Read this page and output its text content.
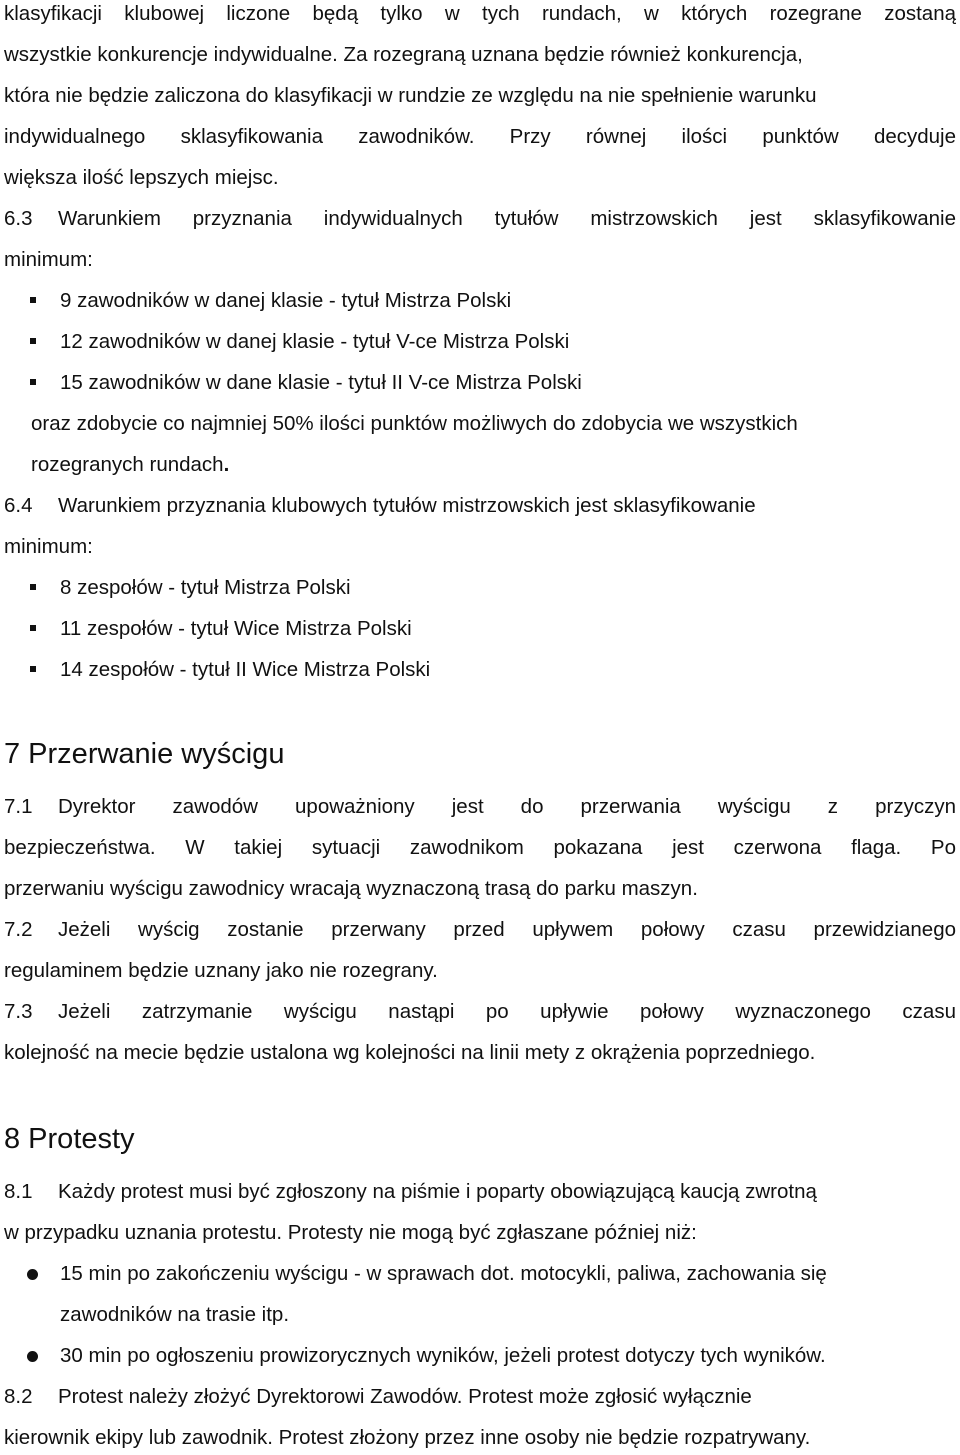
klasyfikacji klubowej liczone będą tylko w tych rundach, w których rozegrane zostaną
wszystkie konkurencje indywidualne. Za rozegraną uznana będzie również konkurencja,
która nie będzie zaliczona do klasyfikacji w rundzie ze względu na nie spełnienie warunku
indywidualnego sklasyfikowania zawodników. Przy równej ilości punktów decyduje
większa ilość lepszych miejsc.
6.3 Warunkiem przyznania indywidualnych tytułów mistrzowskich jest sklasyfikowanie
minimum:
9 zawodników w danej klasie - tytuł Mistrza Polski
12 zawodników w danej klasie - tytuł V-ce Mistrza Polski
15 zawodników w dane klasie - tytuł II V-ce Mistrza Polski
oraz zdobycie co najmniej 50% ilości punktów możliwych do zdobycia we wszystkich
rozegranych rundach.
6.4 Warunkiem przyznania klubowych tytułów mistrzowskich jest sklasyfikowanie
minimum:
8 zespołów - tytuł Mistrza Polski
11 zespołów - tytuł Wice Mistrza Polski
14 zespołów - tytuł II Wice Mistrza Polski
7 Przerwanie wyścigu
7.1 Dyrektor zawodów upoważniony jest do przerwania wyścigu z przyczyn
bezpieczeństwa. W takiej sytuacji zawodnikom pokazana jest czerwona flaga. Po
przerwaniu wyścigu zawodnicy wracają wyznaczoną trasą do parku maszyn.
7.2 Jeżeli wyścig zostanie przerwany przed upływem połowy czasu przewidzianego
regulaminem będzie uznany jako nie rozegrany.
7.3 Jeżeli zatrzymanie wyścigu nastąpi po upływie połowy wyznaczonego czasu
kolejność na mecie będzie ustalona wg kolejności na linii mety z okrążenia poprzedniego.
8 Protesty
8.1 Każdy protest musi być zgłoszony na piśmie i poparty obowiązującą kaucją zwrotną
w przypadku uznania protestu. Protesty nie mogą być zgłaszane później niż:
15 min po zakończeniu wyścigu - w sprawach dot. motocykli, paliwa, zachowania się
zawodników na trasie itp.
30 min po ogłoszeniu prowizorycznych wyników, jeżeli protest dotyczy tych wyników.
8.2 Protest należy złożyć Dyrektorowi Zawodów. Protest może zgłosić wyłącznie
kierownik ekipy lub zawodnik. Protest złożony przez inne osoby nie będzie rozpatrywany.
